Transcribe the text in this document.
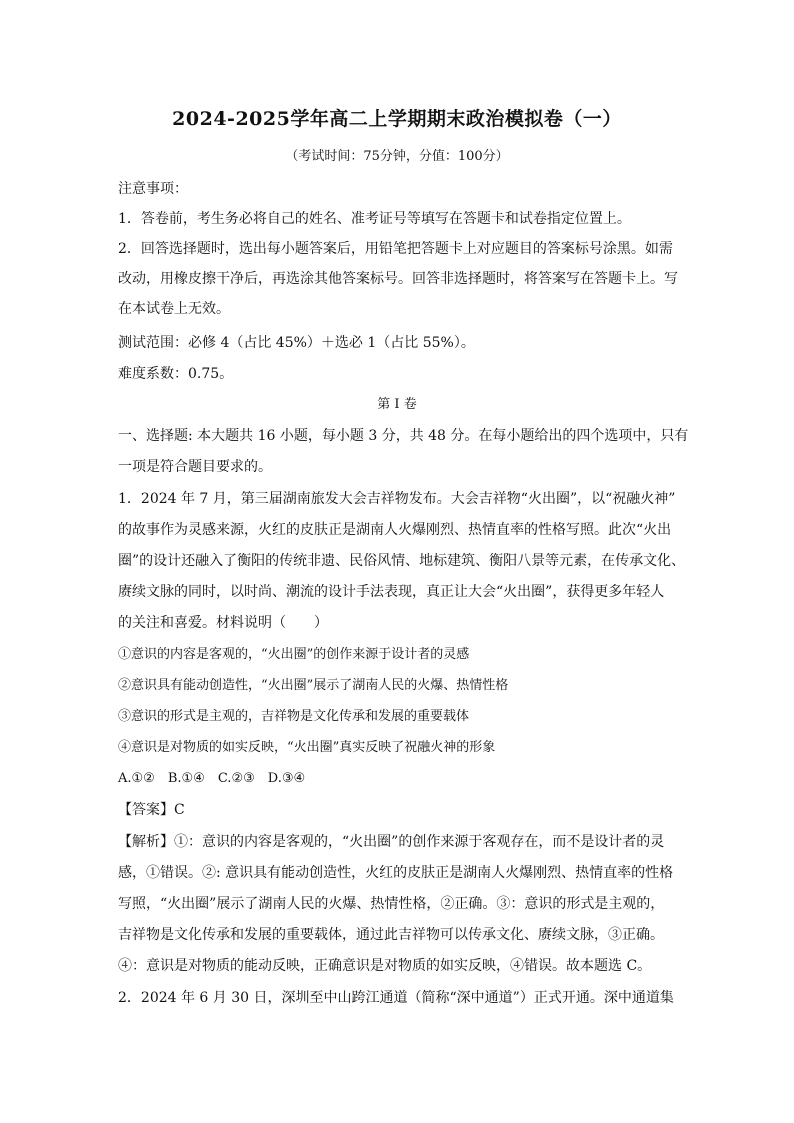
2024-2025学年高二上学期期末政治模拟卷（一）
（考试时间：75分钟，分值：100分）
注意事项：
1．答卷前，考生务必将自己的姓名、准考证号等填写在答题卡和试卷指定位置上。
2．回答选择题时，选出每小题答案后，用铅笔把答题卡上对应题目的答案标号涂黑。如需
改动，用橡皮擦干净后，再选涂其他答案标号。回答非选择题时，将答案写在答题卡上。写
在本试卷上无效。
测试范围：必修 4（占比 45%）＋选必 1（占比 55%）。
难度系数：0.75。
第 I 卷
一、选择题: 本大题共 16 小题，每小题 3 分，共 48 分。在每小题给出的四个选项中，只有
一项是符合题目要求的。
1．2024 年 7 月，第三届湖南旅发大会吉祥物发布。大会吉祥物“火出圈”，以“祝融火神”
的故事作为灵感来源，火红的皮肤正是湖南人火爆刚烈、热情直率的性格写照。此次“火出
圈”的设计还融入了衡阳的传统非遗、民俗风情、地标建筑、衡阳八景等元素，在传承文化、
赓续文脉的同时，以时尚、潮流的设计手法表现，真正让大会“火出圈”，获得更多年轻人
的关注和喜爱。材料说明（　　）
①意识的内容是客观的，“火出圈”的创作来源于设计者的灵感
②意识具有能动创造性，“火出圈”展示了湖南人民的火爆、热情性格
③意识的形式是主观的，吉祥物是文化传承和发展的重要载体
④意识是对物质的如实反映，“火出圈”真实反映了祝融火神的形象
A.①②　B.①④　C.②③　D.③④
【答案】C
【解析】①：意识的内容是客观的，“火出圈”的创作来源于客观存在，而不是设计者的灵
感，①错误。②: 意识具有能动创造性，火红的皮肤正是湖南人火爆刚烈、热情直率的性格
写照，“火出圈”展示了湖南人民的火爆、热情性格，②正确。③：意识的形式是主观的，
吉祥物是文化传承和发展的重要载体，通过此吉祥物可以传承文化、赓续文脉，③正确。
④：意识是对物质的能动反映，正确意识是对物质的如实反映，④错误。故本题选 C。
2．2024 年 6 月 30 日，深圳至中山跨江通道（简称“深中通道”）正式开通。深中通道集
